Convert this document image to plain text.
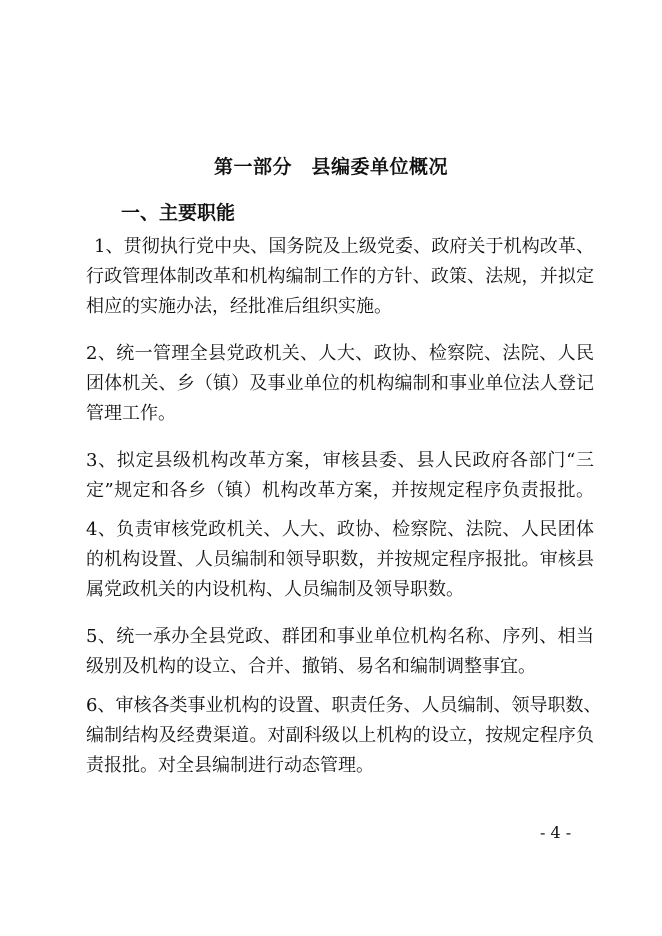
第一部分　县编委单位概况
一、主要职能
1、贯彻执行党中央、国务院及上级党委、政府关于机构改革、
行政管理体制改革和机构编制工作的方针、政策、法规，并拟定
相应的实施办法，经批准后组织实施。
2、统一管理全县党政机关、人大、政协、检察院、法院、人民
团体机关、乡（镇）及事业单位的机构编制和事业单位法人登记
管理工作。
3、拟定县级机构改革方案，审核县委、县人民政府各部门“三
定”规定和各乡（镇）机构改革方案，并按规定程序负责报批。
4、负责审核党政机关、人大、政协、检察院、法院、人民团体
的机构设置、人员编制和领导职数，并按规定程序报批。审核县
属党政机关的内设机构、人员编制及领导职数。
5、统一承办全县党政、群团和事业单位机构名称、序列、相当
级别及机构的设立、合并、撤销、易名和编制调整事宜。
6、审核各类事业机构的设置、职责任务、人员编制、领导职数、
编制结构及经费渠道。对副科级以上机构的设立，按规定程序负
责报批。对全县编制进行动态管理。
- 4 -
